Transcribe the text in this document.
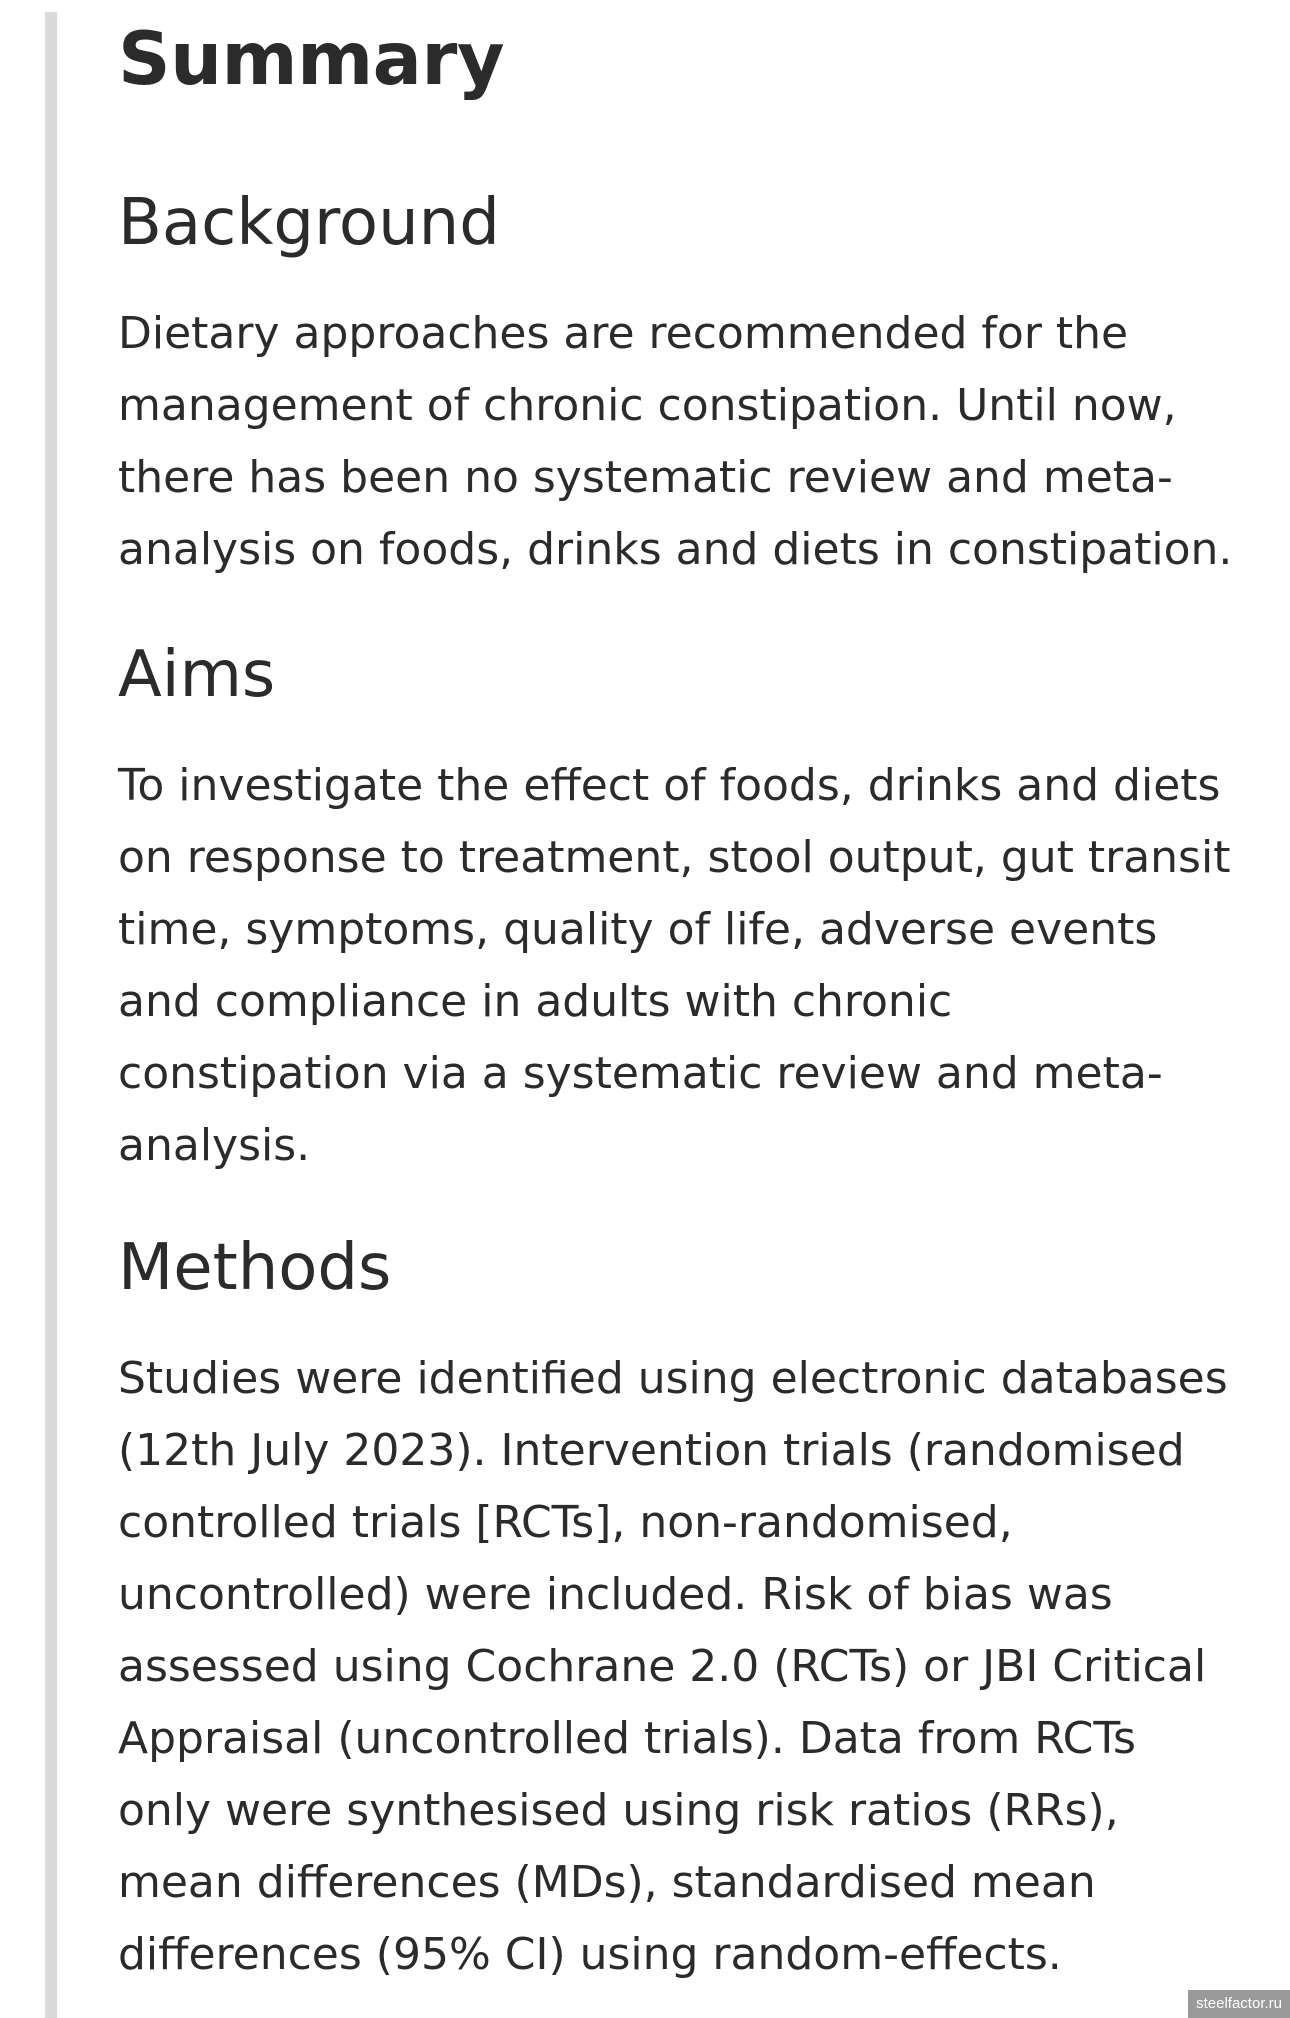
Summary
Background

Dietary approaches are recommended for the
management of chronic constipation. Until now,
there has been no systematic review and meta-
analysis on foods, drinks and diets in constipation.

Aims

To investigate the effect of foods, drinks and diets
on response to treatment, stool output, gut transit
time, symptoms, quality of life, adverse events
and compliance in adults with chronic
constipation via a systematic review and meta-
analysis.

Methods

Studies were identified using electronic databases
(12th July 2023). Intervention trials (randomised
controlled trials [RCTs], non-randomised,
uncontrolled) were included. Risk of bias was
assessed using Cochrane 2.0 (RCTs) or JBI Critical
Appraisal (uncontrolled trials). Data from RCTs
only were synthesised using risk ratios (RRs),
mean differences (MDs), standardised mean
differences (95% CI) using random-effects.

steelfactor.ru
